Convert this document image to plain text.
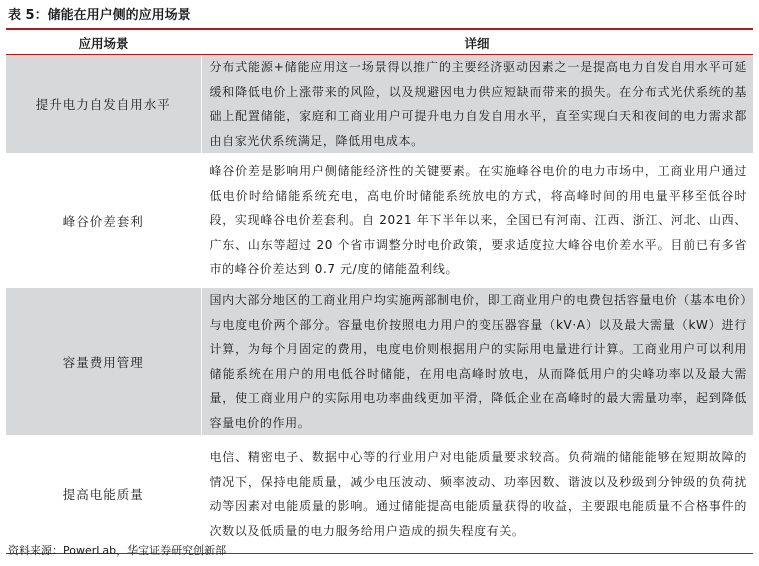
表 5：储能在用户侧的应用场景
应用场景	详细
提升电力自发自用水平	分布式能源+储能应用这一场景得以推广的主要经济驱动因素之一是提高电力自发自用水平可延缓和降低电价上涨带来的风险，以及规避因电力供应短缺而带来的损失。在分布式光伏系统的基础上配置储能，家庭和工商业用户可提升电力自发自用水平，直至实现白天和夜间的电力需求都由自家光伏系统满足，降低用电成本。
峰谷价差套利	峰谷价差是影响用户侧储能经济性的关键要素。在实施峰谷电价的电力市场中，工商业用户通过低电价时给储能系统充电，高电价时储能系统放电的方式，将高峰时间的用电量平移至低谷时段，实现峰谷电价差套利。自 2021 年下半年以来，全国已有河南、江西、浙江、河北、山西、广东、山东等超过 20 个省市调整分时电价政策，要求适度拉大峰谷电价差水平。目前已有多省市的峰谷价差达到 0.7 元/度的储能盈利线。
容量费用管理	国内大部分地区的工商业用户均实施两部制电价，即工商业用户的电费包括容量电价（基本电价）与电度电价两个部分。容量电价按照电力用户的变压器容量（kV·A）以及最大需量（kW）进行计算，为每个月固定的费用，电度电价则根据用户的实际用电量进行计算。工商业用户可以利用储能系统在用户的用电低谷时储能，在用电高峰时放电，从而降低用户的尖峰功率以及最大需量，使工商业用户的实际用电功率曲线更加平滑，降低企业在高峰时的最大需量功率，起到降低容量电价的作用。
提高电能质量	电信、精密电子、数据中心等的行业用户对电能质量要求较高。负荷端的储能能够在短期故障的情况下，保持电能质量，减少电压波动、频率波动、功率因数、谐波以及秒级到分钟级的负荷扰动等因素对电能质量的影响。通过储能提高电能质量获得的收益，主要跟电能质量不合格事件的次数以及低质量的电力服务给用户造成的损失程度有关。
资料来源：PowerLab，华宝证券研究创新部
